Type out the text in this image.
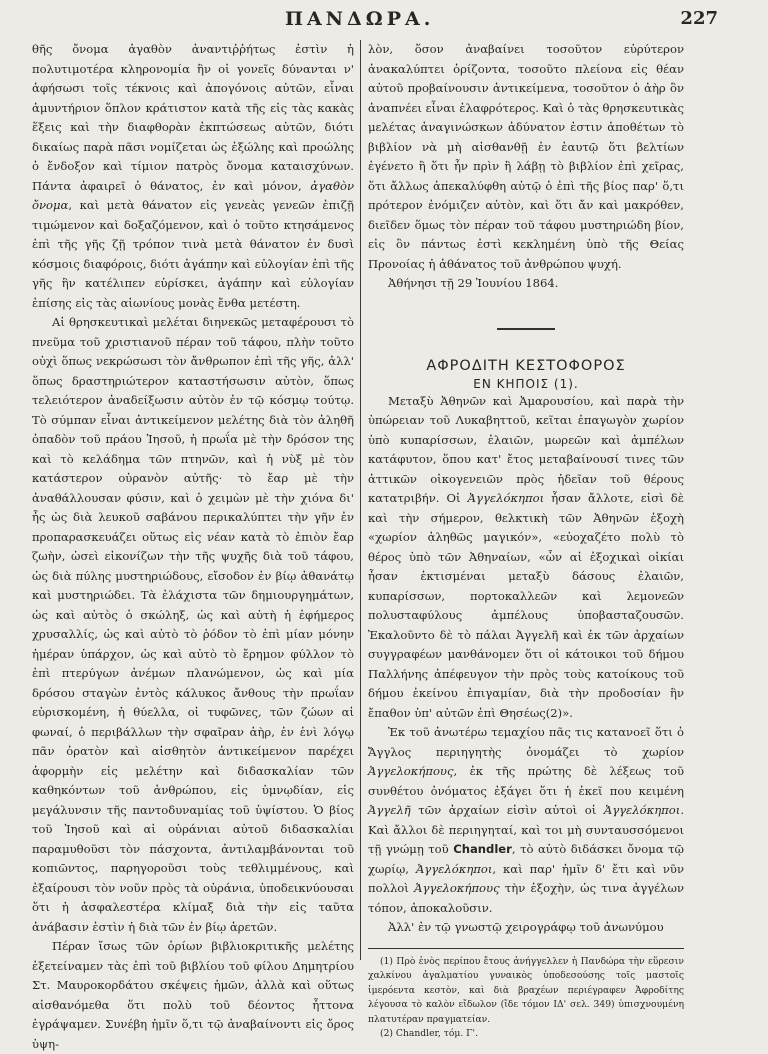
ΠΑΝΔΩΡΑ.	227

θῆς ὄνομα ἀγαθὸν ἀναντιῤῥήτως ἐστὶν ἡ πολυτιμοτέρα κληρονομία ἣν οἱ γονεῖς δύνανται ν' ἀφήσωσι τοῖς τέκνοις καὶ ἀπογόνοις αὐτῶν, εἶναι ἀμυντήριον ὅπλον κράτιστον κατὰ τῆς εἰς τὰς κακὰς ἕξεις καὶ τὴν διαφθορὰν ἐκπτώσεως αὐτῶν, διότι δικαίως παρὰ πᾶσι νομίζεται ὡς ἐξώλης καὶ προώλης ὁ ἔνδοξον καὶ τίμιον πατρὸς ὄνομα καταισχύνων. Πάντα ἀφαιρεῖ ὁ θάνατος, ἐν καὶ μόνον, ἀγαθὸν ὄνομα, καὶ μετὰ θάνατον εἰς γενεὰς γενεῶν ἐπιζῇ τιμώμενον καὶ δοξαζόμενον, καὶ ὁ τοῦτο κτησάμενος ἐπὶ τῆς γῆς ζῇ τρόπον τινὰ μετὰ θάνατον ἐν δυσὶ κόσμοις διαφόροις, διότι ἀγάπην καὶ εὐλογίαν ἐπὶ τῆς γῆς ἣν κατέλιπεν εὑρίσκει, ἀγάπην καὶ εὐλογίαν ἐπίσης εἰς τὰς αἰωνίους μονὰς ἔνθα μετέστη.

Αἱ θρησκευτικαὶ μελέται διηνεκῶς μεταφέρουσι τὸ πνεῦμα τοῦ χριστιανοῦ πέραν τοῦ τάφου, πλὴν τοῦτο οὐχὶ ὅπως νεκρώσωσι τὸν ἄνθρωπον ἐπὶ τῆς γῆς, ἀλλ' ὅπως δραστηριώτερον καταστήσωσιν αὐτὸν, ὅπως τελειότερον ἀναδείξωσιν αὐτὸν ἐν τῷ κόσμῳ τούτῳ. Τὸ σύμπαν εἶναι ἀντικείμενον μελέτης διὰ τὸν ἀληθῆ ὀπαδὸν τοῦ πράου Ἰησοῦ, ἡ πρωΐα μὲ τὴν δρόσον της καὶ τὸ κελάδημα τῶν πτηνῶν, καὶ ἡ νὺξ μὲ τὸν κατάστερον οὐρανὸν αὐτῆς· τὸ ἔαρ μὲ τὴν ἀναθάλλουσαν φύσιν, καὶ ὁ χειμὼν μὲ τὴν χιόνα δι' ἧς ὡς διὰ λευκοῦ σαβάνου περικαλύπτει τὴν γῆν ἐν προπαρασκευάζει οὕτως εἰς νέαν κατὰ τὸ ἐπιὸν ἔαρ ζωὴν, ὡσεὶ εἰκονίζων τὴν τῆς ψυχῆς διὰ τοῦ τάφου, ὡς διὰ πύλης μυστηριώδους, εἴσοδον ἐν βίῳ ἀθανάτῳ καὶ μυστηριώδει. Τὰ ἐλάχιστα τῶν δημιουργημάτων, ὡς καὶ αὐτὸς ὁ σκώληξ, ὡς καὶ αὐτὴ ἡ ἐφήμερος χρυσαλλίς, ὡς καὶ αὐτὸ τὸ ῥόδον τὸ ἐπὶ μίαν μόνην ἡμέραν ὑπάρχον, ὡς καὶ αὐτὸ τὸ ἔρημον φύλλον τὸ ἐπὶ πτερύγων ἀνέμων πλανώμενον, ὡς καὶ μία δρόσου σταγὼν ἐντὸς κάλυκος ἄνθους τὴν πρωΐαν εὑρισκομένη, ἡ θύελλα, οἱ τυφῶνες, τῶν ζώων αἱ φωναί, ὁ περιβάλλων τὴν σφαῖραν ἀὴρ, ἐν ἑνὶ λόγῳ πᾶν ὁρατὸν καὶ αἰσθητὸν ἀντικείμενον παρέχει ἀφορμὴν εἰς μελέτην καὶ διδασκαλίαν τῶν καθηκόντων τοῦ ἀνθρώπου, εἰς ὑμνῳδίαν, εἰς μεγάλυνσιν τῆς παντοδυναμίας τοῦ ὑψίστου. Ὁ βίος τοῦ Ἰησοῦ καὶ αἱ οὐράνιαι αὐτοῦ διδασκαλίαι παραμυθοῦσι τὸν πάσχοντα, ἀντιλαμβάνονται τοῦ κοπιῶντος, παρηγοροῦσι τοὺς τεθλιμμένους, καὶ ἐξαίρουσι τὸν νοῦν πρὸς τὰ οὐράνια, ὑποδεικνύουσαι ὅτι ἡ ἀσφαλεστέρα κλίμαξ διὰ τὴν εἰς ταῦτα ἀνάβασιν ἐστὶν ἡ διὰ τῶν ἐν βίῳ ἀρετῶν.

Πέραν ἴσως τῶν ὁρίων βιβλιοκριτικῆς μελέτης ἐξετείναμεν τὰς ἐπὶ τοῦ βιβλίου τοῦ φίλου Δημητρίου Στ. Μαυροκορδάτου σκέψεις ἡμῶν, ἀλλὰ καὶ οὕτως αἰσθανόμεθα ὅτι πολὺ τοῦ δέοντος ἧττονα ἐγράψαμεν. Συνέβη ἡμῖν ὅ,τι τῷ ἀναβαίνοντι εἰς ὄρος ὑψη-

λὸν, ὅσον ἀναβαίνει τοσοῦτον εὐρύτερον ἀνακαλύπτει ὁρίζοντα, τοσοῦτο πλείονα εἰς θέαν αὐτοῦ προβαίνουσιν ἀντικείμενα, τοσοῦτον ὁ ἀὴρ ὃν ἀναπνέει εἶναι ἐλαφρότερος. Καὶ ὁ τὰς θρησκευτικὰς μελέτας ἀναγινώσκων ἀδύνατον ἐστιν ἀποθέτων τὸ βιβλίον νὰ μὴ αἰσθανθῇ ἐν ἑαυτῷ ὅτι βελτίων ἐγένετο ἢ ὅτι ἦν πρὶν ἢ λάβῃ τὸ βιβλίον ἐπὶ χεῖρας, ὅτι ἄλλως ἀπεκαλύφθη αὐτῷ ὁ ἐπὶ τῆς βίος παρ' ὅ,τι πρότερον ἐνόμιζεν αὐτὸν, καὶ ὅτι ἄν καὶ μακρόθεν, διεῖδεν ὅμως τὸν πέραν τοῦ τάφου μυστηριώδη βίον, εἰς ὃν πάντως ἐστὶ κεκλημένη ὑπὸ τῆς Θείας Προνοίας ἡ ἀθάνατος τοῦ ἀνθρώπου ψυχή.

Ἀθήνησι τῇ 29 Ἰουνίου 1864.

ΑΦΡΟΔΙΤΗ ΚΕΣΤΟΦΟΡΟΣ

ΕΝ ΚΗΠΟΙΣ (1).

Μεταξὺ Ἀθηνῶν καὶ Ἀμαρουσίου, καὶ παρὰ τὴν ὑπώρειαν τοῦ Λυκαβηττοῦ, κεῖται ἐπαγωγὸν χωρίον ὑπὸ κυπαρίσσων, ἐλαιῶν, μωρεῶν καὶ ἀμπέλων κατάφυτον, ὅπου κατ' ἔτος μεταβαίνουσί τινες τῶν ἀττικῶν οἰκογενειῶν πρὸς ἡδεῖαν τοῦ θέρους κατατριβήν. Οἱ Ἀγγελόκηποι ἦσαν ἄλλοτε, εἰσὶ δὲ καὶ τὴν σήμερον, θελκτικὴ τῶν Ἀθηνῶν ἐξοχὴ «χωρίον ἀληθῶς μαγικόν», «εὐοχαζέτο πολὺ τὸ θέρος ὑπὸ τῶν Ἀθηναίων, «ὧν αἱ ἐξοχικαὶ οἰκίαι ἦσαν ἐκτισμέναι μεταξὺ δάσους ἐλαιῶν, κυπαρίσσων, πορτοκαλλεῶν καὶ λεμονεῶν πολυσταφύλους ἀμπέλους ὑποβασταζουσῶν. Ἐκαλοῦντο δὲ τὸ πάλαι Ἀγγελῆ καὶ ἐκ τῶν ἀρχαίων συγγραφέων μανθάνομεν ὅτι οἱ κάτοικοι τοῦ δήμου Παλλήνης ἀπέφευγον τὴν πρὸς τοὺς κατοίκους τοῦ δήμου ἐκείνου ἐπιγαμίαν, διὰ τὴν προδοσίαν ἣν ἔπαθον ὑπ' αὐτῶν ἐπὶ Θησέως(2)».

Ἐκ τοῦ ἀνωτέρω τεμαχίου πᾶς τις κατανοεῖ ὅτι ὁ Ἄγγλος περιηγητὴς ὀνομάζει τὸ χωρίον Ἀγγελοκήπους, ἐκ τῆς πρώτης δὲ λέξεως τοῦ συνθέτου ὀνόματος ἐξάγει ὅτι ἡ ἐκεῖ που κειμένη Ἀγγελῆ τῶν ἀρχαίων εἰσὶν αὐτοὶ οἱ Ἀγγελόκηποι. Καὶ ἄλλοι δὲ περιηγηταί, καὶ τοι μὴ συνταυσσόμενοι τῇ γνώμῃ τοῦ Chandler, τὸ αὐτὸ διδάσκει ὄνομα τῷ χωρίῳ, Ἀγγελόκηποι, καὶ παρ' ἡμῖν δ' ἔτι καὶ νῦν πολλοὶ Ἀγγελοκήπους τὴν ἐξοχὴν, ὡς τινα ἀγγέλων τόπον, ἀποκαλοῦσιν.

Ἀλλ' ἐν τῷ γνωστῷ χειρογράφῳ τοῦ ἀνωνύμου

(1) Πρὸ ἑνὸς περίπου ἔτους ἀνήγγελλεν ἡ Πανδώρα τὴν εὕρεσιν χαλκίνου ἀγαλματίου γυναικὸς ὑποδεσούσης τοῖς μαστοῖς ἱμερόεντα κεστὸν, καὶ διὰ βραχέων περιέγραφεν Ἀφροδίτης λέγουσα τὸ καλὸν εἴδωλον (ἴδε τόμον ΙΔ' σελ. 349) ὑπισχνουμένη πλατυτέραν πραγματείαν.

(2) Chandler, τόμ. Γ'.
